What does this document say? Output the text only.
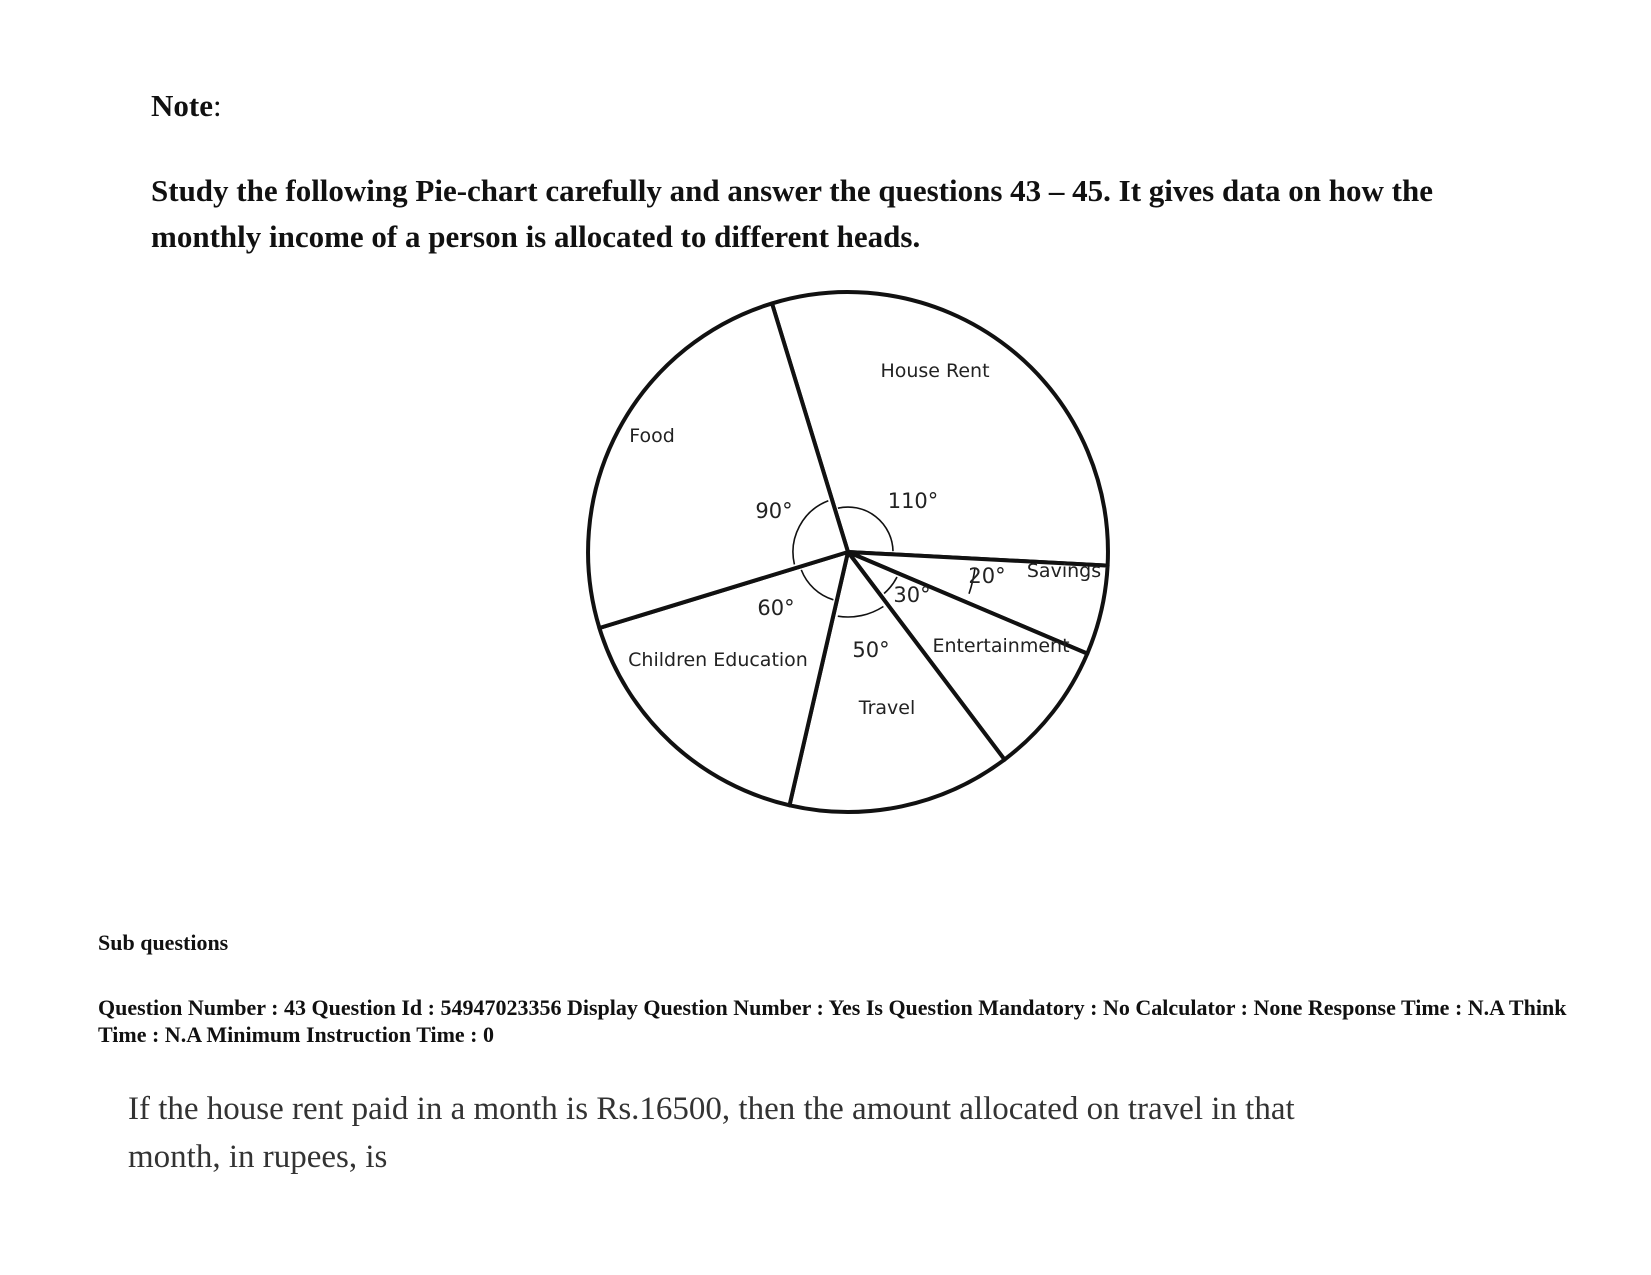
Note:
Study the following Pie-chart carefully and answer the questions 43 – 45. It gives data on how the monthly income of a person is allocated to different heads.
House Rent
110°
Savings
20°
Entertainment
30°
Travel
50°
Children Education
60°
Food
90°
Sub questions
Question Number : 43 Question Id : 54947023356 Display Question Number : Yes Is Question Mandatory : No Calculator : None Response Time : N.A Think Time : N.A Minimum Instruction Time : 0
If the house rent paid in a month is Rs.16500, then the amount allocated on travel in that month, in rupees, is
